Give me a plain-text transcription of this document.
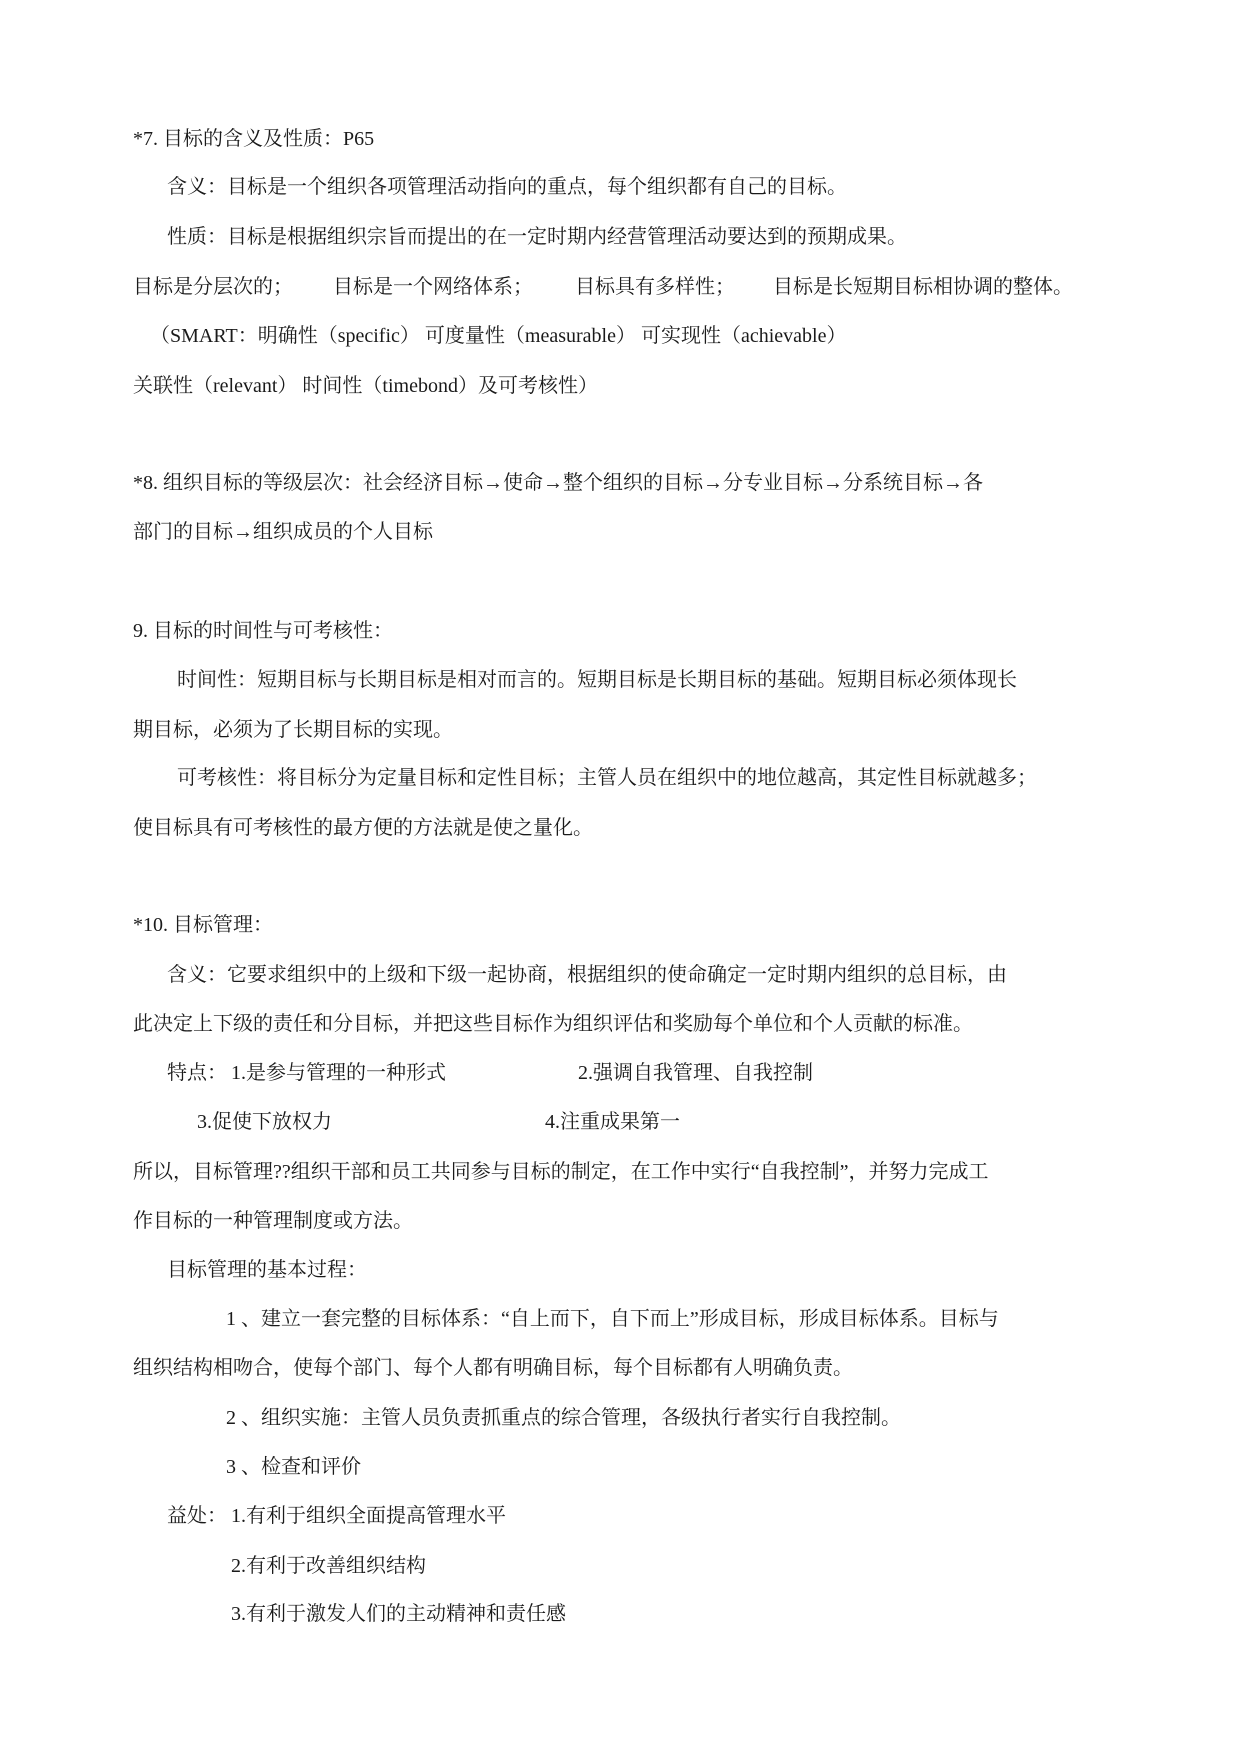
*7. 目标的含义及性质：P65
含义：目标是一个组织各项管理活动指向的重点，每个组织都有自己的目标。
性质：目标是根据组织宗旨而提出的在一定时期内经营管理活动要达到的预期成果。
目标是分层次的； 目标是一个网络体系； 目标具有多样性； 目标是长短期目标相协调的整体。
（SMART：明确性（specific） 可度量性（measurable） 可实现性（achievable）
关联性（relevant） 时间性（timebond）及可考核性）
*8. 组织目标的等级层次：社会经济目标→使命→整个组织的目标→分专业目标→分系统目标→各
部门的目标→组织成员的个人目标
9. 目标的时间性与可考核性：
时间性：短期目标与长期目标是相对而言的。短期目标是长期目标的基础。短期目标必须体现长
期目标，必须为了长期目标的实现。
可考核性：将目标分为定量目标和定性目标；主管人员在组织中的地位越高，其定性目标就越多；
使目标具有可考核性的最方便的方法就是使之量化。
*10. 目标管理：
含义：它要求组织中的上级和下级一起协商，根据组织的使命确定一定时期内组织的总目标，由
此决定上下级的责任和分目标，并把这些目标作为组织评估和奖励每个单位和个人贡献的标准。
特点： 1.是参与管理的一种形式	2.强调自我管理、自我控制
3.促使下放权力	4.注重成果第一
所以，目标管理??组织干部和员工共同参与目标的制定，在工作中实行“自我控制”，并努力完成工
作目标的一种管理制度或方法。
目标管理的基本过程：
1 、建立一套完整的目标体系：“自上而下，自下而上”形成目标，形成目标体系。目标与
组织结构相吻合，使每个部门、每个人都有明确目标，每个目标都有人明确负责。
2 、组织实施：主管人员负责抓重点的综合管理，各级执行者实行自我控制。
3 、检查和评价
益处： 1.有利于组织全面提高管理水平
2.有利于改善组织结构
3.有利于激发人们的主动精神和责任感
